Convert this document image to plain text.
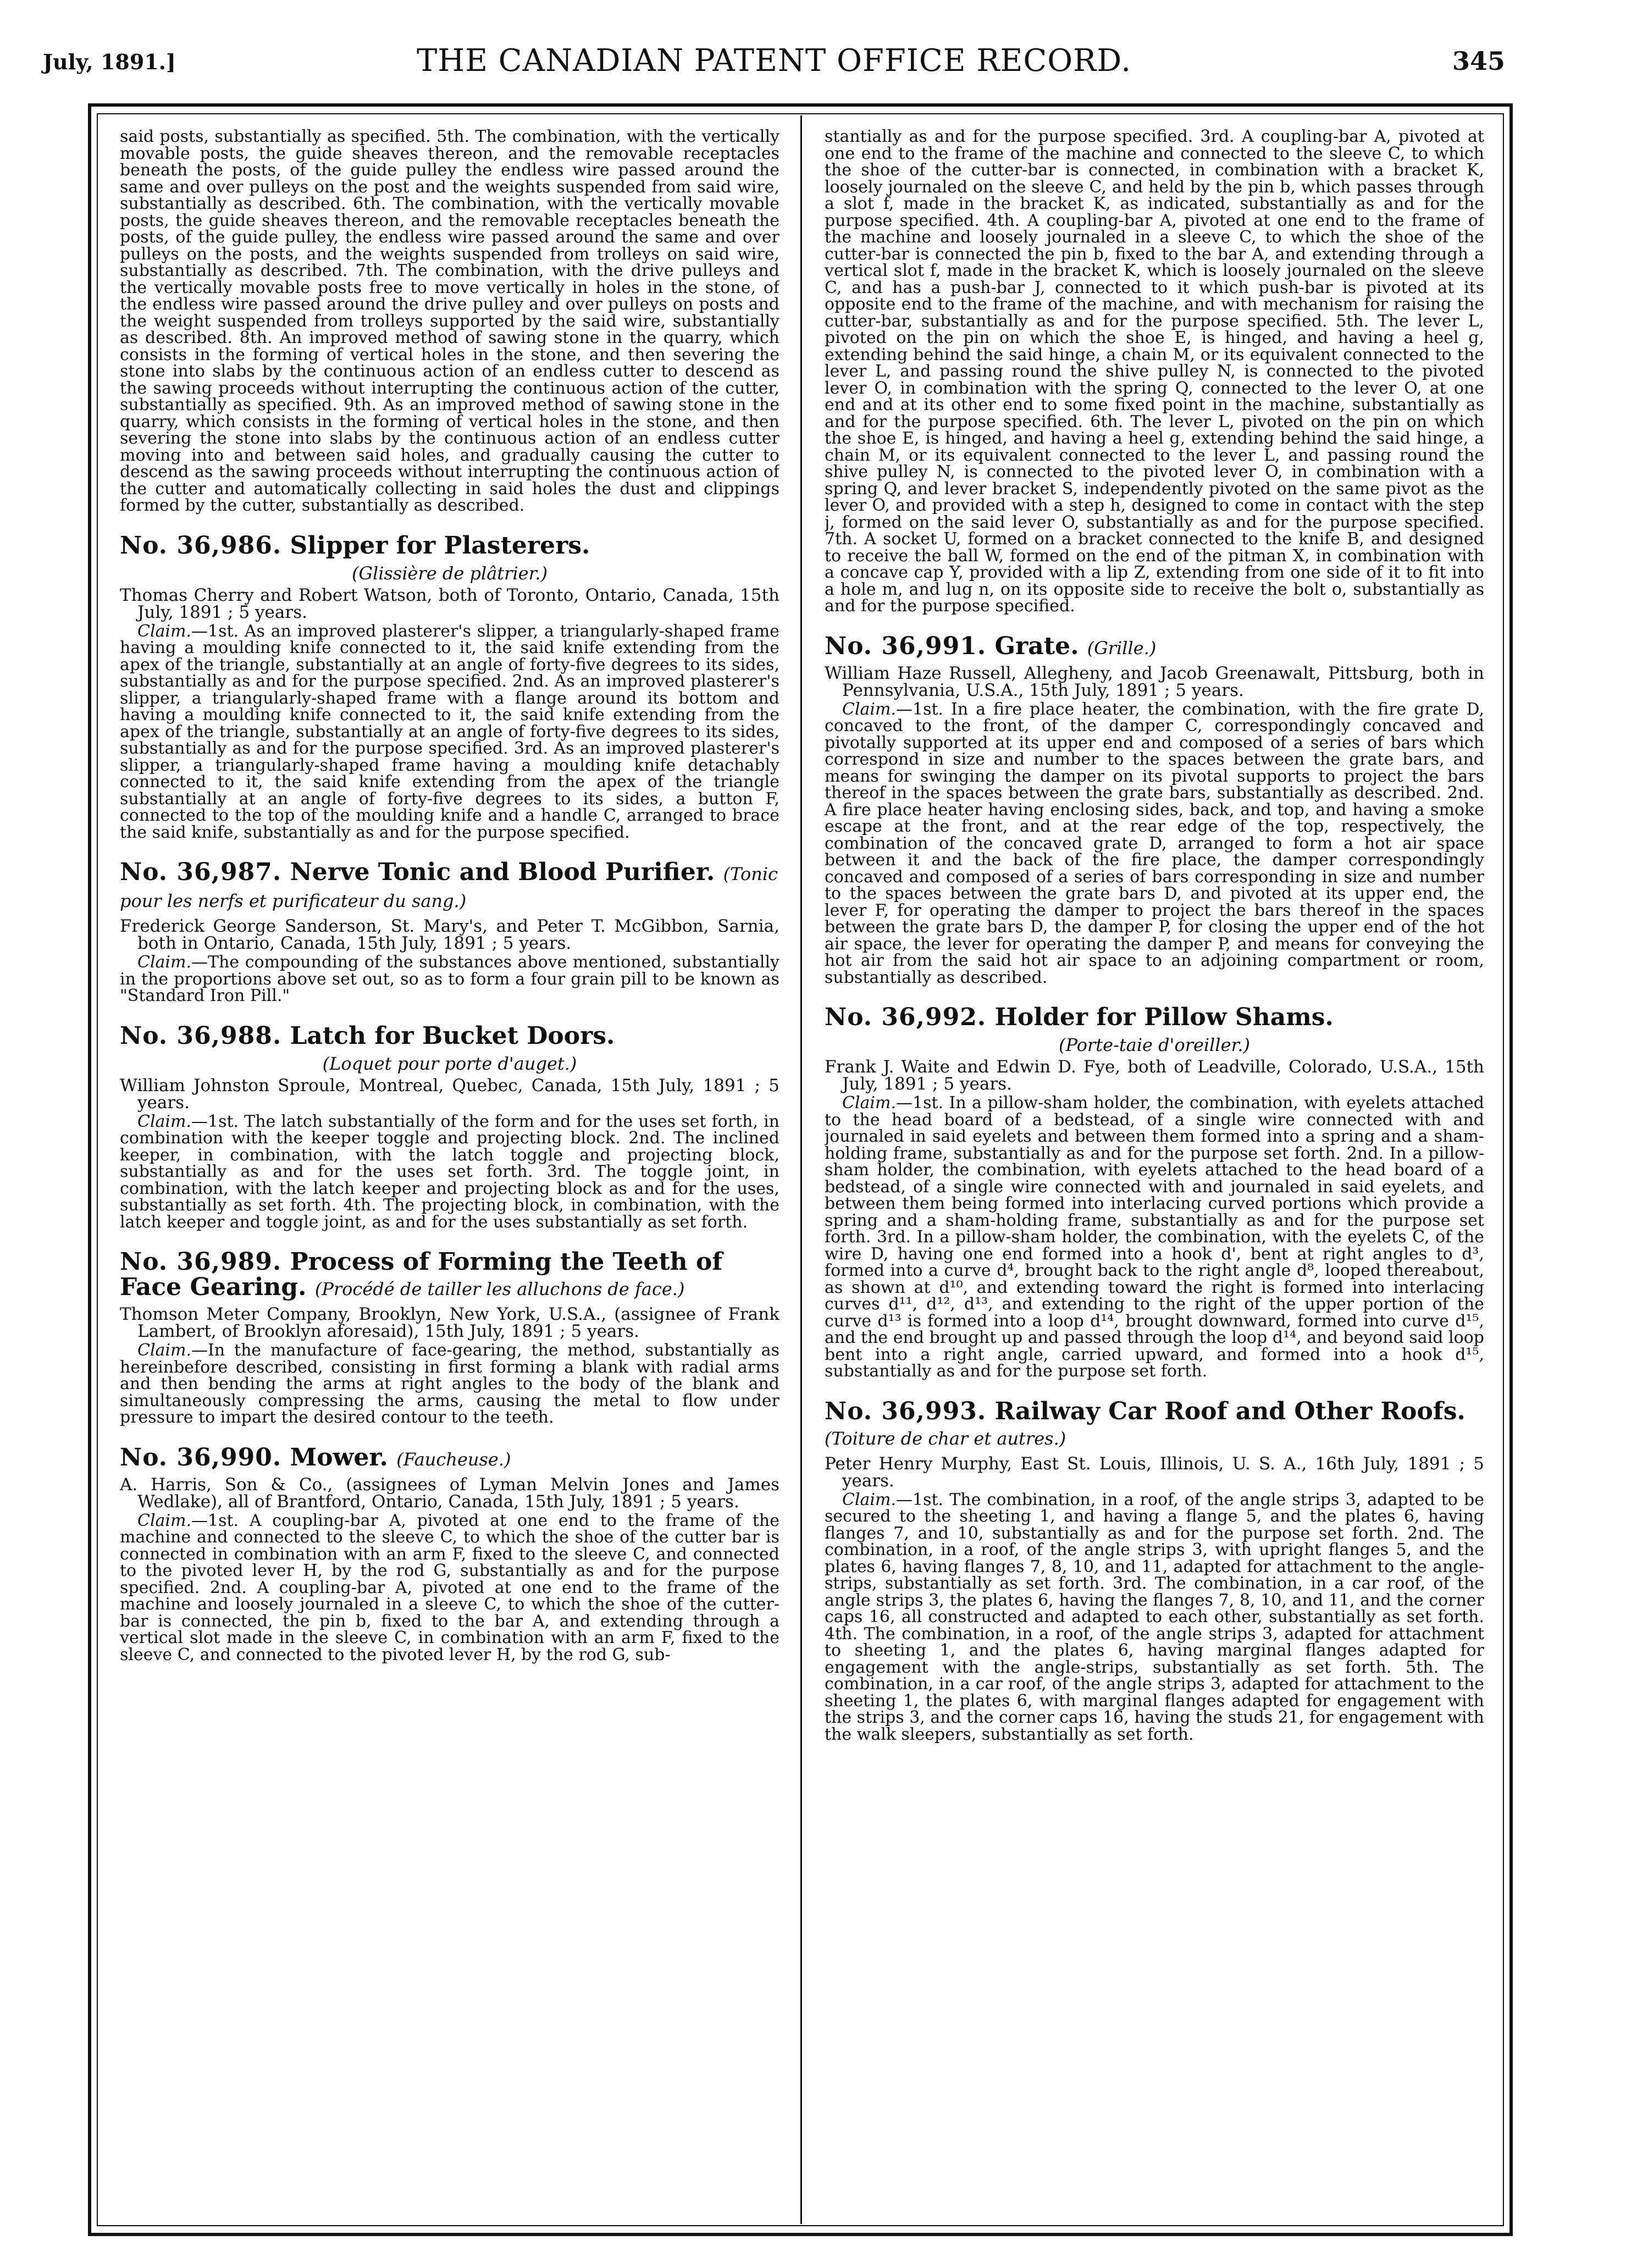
July, 1891.]	THE CANADIAN PATENT OFFICE RECORD.	345

said posts, substantially as specified. 5th. The combination, with the vertically movable posts, the guide sheaves thereon, and the removable receptacles beneath the posts, of the guide pulley the endless wire passed around the same and over pulleys on the post and the weights suspended from said wire, substantially as described. 6th. The combination, with the vertically movable posts, the guide sheaves thereon, and the removable receptacles beneath the posts, of the guide pulley, the endless wire passed around the same and over pulleys on the posts, and the weights suspended from trolleys on said wire, substantially as described. 7th. The combination, with the drive pulleys and the vertically movable posts free to move vertically in holes in the stone, of the endless wire passed around the drive pulley and over pulleys on posts and the weight suspended from trolleys supported by the said wire, substantially as described. 8th. An improved method of sawing stone in the quarry, which consists in the forming of vertical holes in the stone, and then severing the stone into slabs by the continuous action of an endless cutter to descend as the sawing proceeds without interrupting the continuous action of the cutter, substantially as specified. 9th. As an improved method of sawing stone in the quarry, which consists in the forming of vertical holes in the stone, and then severing the stone into slabs by the continuous action of an endless cutter moving into and between said holes, and gradually causing the cutter to descend as the sawing proceeds without interrupting the continuous action of the cutter and automatically collecting in said holes the dust and clippings formed by the cutter, substantially as described.

No. 36,986. Slipper for Plasterers.
(Glissière de plâtrier.)

Thomas Cherry and Robert Watson, both of Toronto, Ontario, Canada, 15th July, 1891 ; 5 years.

Claim.—1st. As an improved plasterer's slipper, a triangularly-shaped frame having a moulding knife connected to it, the said knife extending from the apex of the triangle, substantially at an angle of forty-five degrees to its sides, substantially as and for the purpose specified. 2nd. As an improved plasterer's slipper, a triangularly-shaped frame with a flange around its bottom and having a moulding knife connected to it, the said knife extending from the apex of the triangle, substantially at an angle of forty-five degrees to its sides, substantially as and for the purpose specified. 3rd. As an improved plasterer's slipper, a triangularly-shaped frame having a moulding knife detachably connected to it, the said knife extending from the apex of the triangle substantially at an angle of forty-five degrees to its sides, a button F, connected to the top of the moulding knife and a handle C, arranged to brace the said knife, substantially as and for the purpose specified.

No. 36,987. Nerve Tonic and Blood Purifier. (Tonic pour les nerfs et purificateur du sang.)

Frederick George Sanderson, St. Mary's, and Peter T. McGibbon, Sarnia, both in Ontario, Canada, 15th July, 1891 ; 5 years.

Claim.—The compounding of the substances above mentioned, substantially in the proportions above set out, so as to form a four grain pill to be known as "Standard Iron Pill."

No. 36,988. Latch for Bucket Doors.
(Loquet pour porte d'auget.)

William Johnston Sproule, Montreal, Quebec, Canada, 15th July, 1891 ; 5 years.

Claim.—1st. The latch substantially of the form and for the uses set forth, in combination with the keeper toggle and projecting block. 2nd. The inclined keeper, in combination, with the latch toggle and projecting block, substantially as and for the uses set forth. 3rd. The toggle joint, in combination, with the latch keeper and projecting block as and for the uses, substantially as set forth. 4th. The projecting block, in combination, with the latch keeper and toggle joint, as and for the uses substantially as set forth.

No. 36,989. Process of Forming the Teeth of Face Gearing. (Procédé de tailler les alluchons de face.)

Thomson Meter Company, Brooklyn, New York, U.S.A., (assignee of Frank Lambert, of Brooklyn aforesaid), 15th July, 1891 ; 5 years.

Claim.—In the manufacture of face-gearing, the method, substantially as hereinbefore described, consisting in first forming a blank with radial arms and then bending the arms at right angles to the body of the blank and simultaneously compressing the arms, causing the metal to flow under pressure to impart the desired contour to the teeth.

No. 36,990. Mower. (Faucheuse.)

A. Harris, Son & Co., (assignees of Lyman Melvin Jones and James Wedlake), all of Brantford, Ontario, Canada, 15th July, 1891 ; 5 years.

Claim.—1st. A coupling-bar A, pivoted at one end to the frame of the machine and connected to the sleeve C, to which the shoe of the cutter bar is connected in combination with an arm F, fixed to the sleeve C, and connected to the pivoted lever H, by the rod G, substantially as and for the purpose specified. 2nd. A coupling-bar A, pivoted at one end to the frame of the machine and loosely journaled in a sleeve C, to which the shoe of the cutter-bar is connected, the pin b, fixed to the bar A, and extending through a vertical slot made in the sleeve C, in combination with an arm F, fixed to the sleeve C, and connected to the pivoted lever H, by the rod G, sub-

stantially as and for the purpose specified. 3rd. A coupling-bar A, pivoted at one end to the frame of the machine and connected to the sleeve C, to which the shoe of the cutter-bar is connected, in combination with a bracket K, loosely journaled on the sleeve C, and held by the pin b, which passes through a slot f, made in the bracket K, as indicated, substantially as and for the purpose specified. 4th. A coupling-bar A, pivoted at one end to the frame of the machine and loosely journaled in a sleeve C, to which the shoe of the cutter-bar is connected the pin b, fixed to the bar A, and extending through a vertical slot f, made in the bracket K, which is loosely journaled on the sleeve C, and has a push-bar J, connected to it which push-bar is pivoted at its opposite end to the frame of the machine, and with mechanism for raising the cutter-bar, substantially as and for the purpose specified. 5th. The lever L, pivoted on the pin on which the shoe E, is hinged, and having a heel g, extending behind the said hinge, a chain M, or its equivalent connected to the lever L, and passing round the shive pulley N, is connected to the pivoted lever O, in combination with the spring Q, connected to the lever O, at one end and at its other end to some fixed point in the machine, substantially as and for the purpose specified. 6th. The lever L, pivoted on the pin on which the shoe E, is hinged, and having a heel g, extending behind the said hinge, a chain M, or its equivalent connected to the lever L, and passing round the shive pulley N, is connected to the pivoted lever O, in combination with a spring Q, and lever bracket S, independently pivoted on the same pivot as the lever O, and provided with a step h, designed to come in contact with the step j, formed on the said lever O, substantially as and for the purpose specified. 7th. A socket U, formed on a bracket connected to the knife B, and designed to receive the ball W, formed on the end of the pitman X, in combination with a concave cap Y, provided with a lip Z, extending from one side of it to fit into a hole m, and lug n, on its opposite side to receive the bolt o, substantially as and for the purpose specified.

No. 36,991. Grate. (Grille.)

William Haze Russell, Allegheny, and Jacob Greenawalt, Pittsburg, both in Pennsylvania, U.S.A., 15th July, 1891 ; 5 years.

Claim.—1st. In a fire place heater, the combination, with the fire grate D, concaved to the front, of the damper C, correspondingly concaved and pivotally supported at its upper end and composed of a series of bars which correspond in size and number to the spaces between the grate bars, and means for swinging the damper on its pivotal supports to project the bars thereof in the spaces between the grate bars, substantially as described. 2nd. A fire place heater having enclosing sides, back, and top, and having a smoke escape at the front, and at the rear edge of the top, respectively, the combination of the concaved grate D, arranged to form a hot air space between it and the back of the fire place, the damper correspondingly concaved and composed of a series of bars corresponding in size and number to the spaces between the grate bars D, and pivoted at its upper end, the lever F, for operating the damper to project the bars thereof in the spaces between the grate bars D, the damper P, for closing the upper end of the hot air space, the lever for operating the damper P, and means for conveying the hot air from the said hot air space to an adjoining compartment or room, substantially as described.

No. 36,992. Holder for Pillow Shams.
(Porte-taie d'oreiller.)

Frank J. Waite and Edwin D. Fye, both of Leadville, Colorado, U.S.A., 15th July, 1891 ; 5 years.

Claim.—1st. In a pillow-sham holder, the combination, with eyelets attached to the head board of a bedstead, of a single wire connected with and journaled in said eyelets and between them formed into a spring and a sham-holding frame, substantially as and for the purpose set forth. 2nd. In a pillow-sham holder, the combination, with eyelets attached to the head board of a bedstead, of a single wire connected with and journaled in said eyelets, and between them being formed into interlacing curved portions which provide a spring and a sham-holding frame, substantially as and for the purpose set forth. 3rd. In a pillow-sham holder, the combination, with the eyelets C, of the wire D, having one end formed into a hook d', bent at right angles to d³, formed into a curve d⁴, brought back to the right angle d⁸, looped thereabout, as shown at d¹⁰, and extending toward the right is formed into interlacing curves d¹¹, d¹², d¹³, and extending to the right of the upper portion of the curve d¹³ is formed into a loop d¹⁴, brought downward, formed into curve d¹⁵, and the end brought up and passed through the loop d¹⁴, and beyond said loop bent into a right angle, carried upward, and formed into a hook d¹⁵, substantially as and for the purpose set forth.

No. 36,993. Railway Car Roof and Other Roofs. (Toiture de char et autres.)

Peter Henry Murphy, East St. Louis, Illinois, U. S. A., 16th July, 1891 ; 5 years.

Claim.—1st. The combination, in a roof, of the angle strips 3, adapted to be secured to the sheeting 1, and having a flange 5, and the plates 6, having flanges 7, and 10, substantially as and for the purpose set forth. 2nd. The combination, in a roof, of the angle strips 3, with upright flanges 5, and the plates 6, having flanges 7, 8, 10, and 11, adapted for attachment to the angle-strips, substantially as set forth. 3rd. The combination, in a car roof, of the angle strips 3, the plates 6, having the flanges 7, 8, 10, and 11, and the corner caps 16, all constructed and adapted to each other, substantially as set forth. 4th. The combination, in a roof, of the angle strips 3, adapted for attachment to sheeting 1, and the plates 6, having marginal flanges adapted for engagement with the angle-strips, substantially as set forth. 5th. The combination, in a car roof, of the angle strips 3, adapted for attachment to the sheeting 1, the plates 6, with marginal flanges adapted for engagement with the strips 3, and the corner caps 16, having the studs 21, for engagement with the walk sleepers, substantially as set forth.
